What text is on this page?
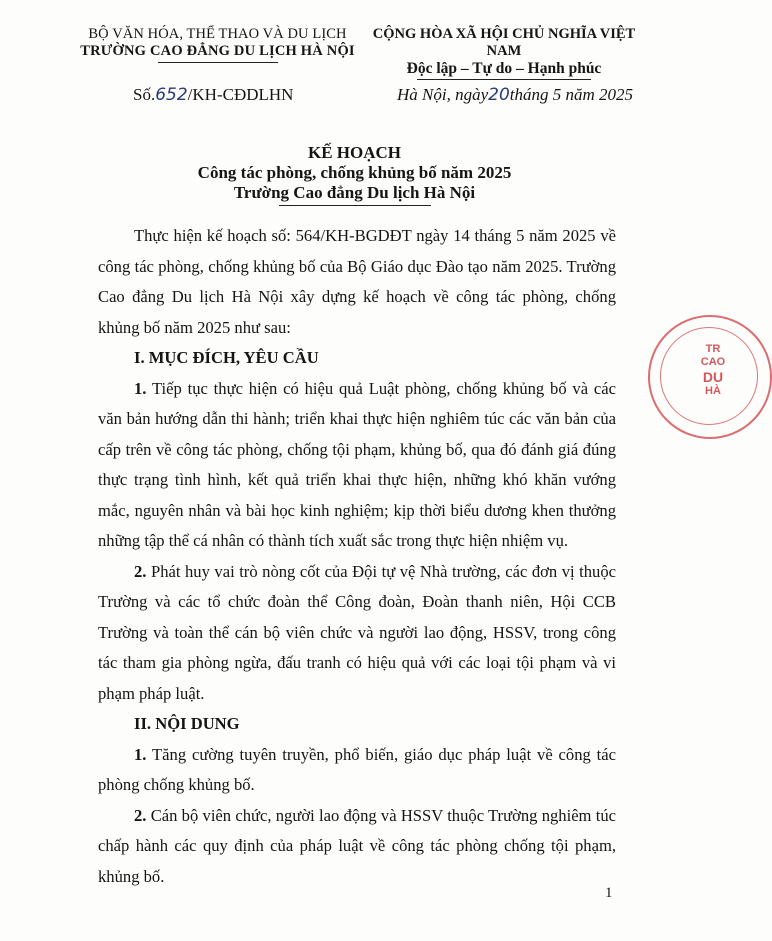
BỘ VĂN HÓA, THỂ THAO VÀ DU LỊCH
TRƯỜNG CAO ĐẲNG DU LỊCH HÀ NỘI
CỘNG HÒA XÃ HỘI CHỦ NGHĨA VIỆT NAM
Độc lập – Tự do – Hạnh phúc
Số.652/KH-CĐDLHN	Hà Nội, ngày20tháng 5 năm 2025
KẾ HOẠCH
Công tác phòng, chống khủng bố năm 2025
Trường Cao đẳng Du lịch Hà Nội

Thực hiện kế hoạch số: 564/KH-BGDĐT ngày 14 tháng 5 năm 2025 về công tác phòng, chống khủng bố của Bộ Giáo dục Đào tạo năm 2025. Trường Cao đẳng Du lịch Hà Nội xây dựng kế hoạch về công tác phòng, chống khủng bố năm 2025 như sau:

I. MỤC ĐÍCH, YÊU CẦU

1. Tiếp tục thực hiện có hiệu quả Luật phòng, chống khủng bố và các văn bản hướng dẫn thi hành; triển khai thực hiện nghiêm túc các văn bản của cấp trên về công tác phòng, chống tội phạm, khủng bố, qua đó đánh giá đúng thực trạng tình hình, kết quả triển khai thực hiện, những khó khăn vướng mắc, nguyên nhân và bài học kinh nghiệm; kịp thời biểu dương khen thưởng những tập thể cá nhân có thành tích xuất sắc trong thực hiện nhiệm vụ.

2. Phát huy vai trò nòng cốt của Đội tự vệ Nhà trường, các đơn vị thuộc Trường và các tổ chức đoàn thể Công đoàn, Đoàn thanh niên, Hội CCB Trường và toàn thể cán bộ viên chức và người lao động, HSSV, trong công tác tham gia phòng ngừa, đấu tranh có hiệu quả với các loại tội phạm và vi phạm pháp luật.

II. NỘI DUNG

1. Tăng cường tuyên truyền, phổ biến, giáo dục pháp luật về công tác phòng chống khủng bố.

2. Cán bộ viên chức, người lao động và HSSV thuộc Trường nghiêm túc chấp hành các quy định của pháp luật về công tác phòng chống tội phạm, khủng bố.

TR
CAO
DU
HÀ
1
